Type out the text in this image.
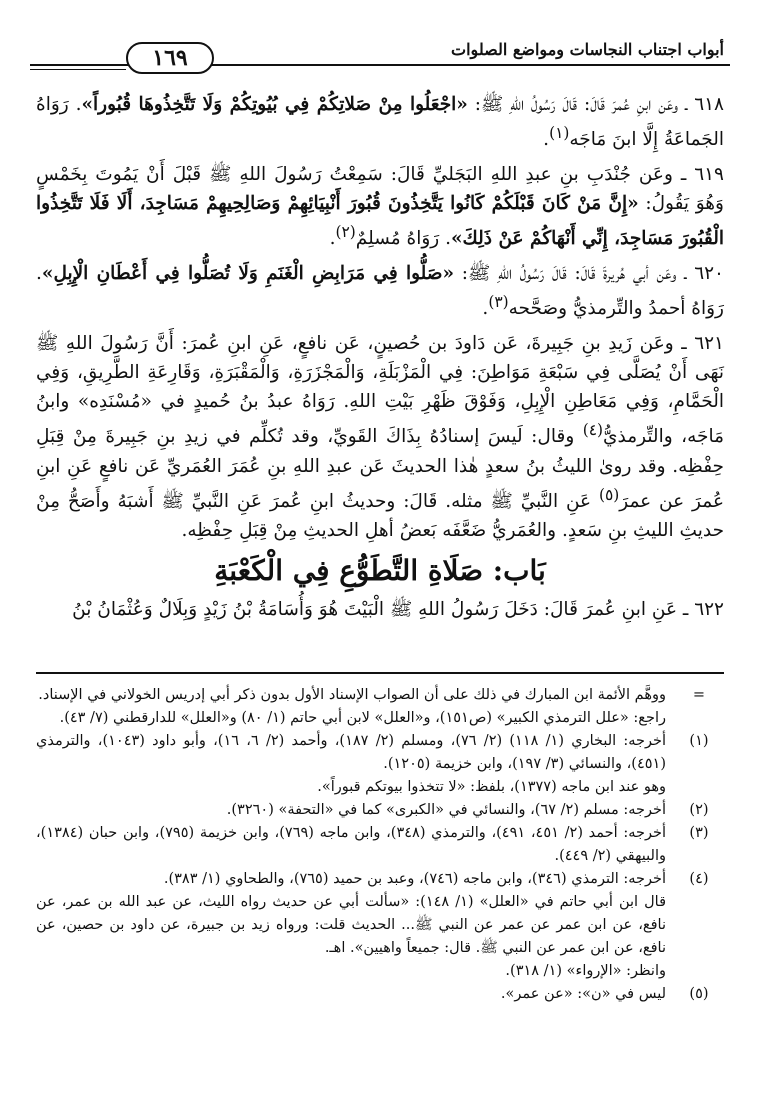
أبواب اجتناب النجاسات ومواضع الصلوات
١٦٩

٦١٨ ـ وعَن ابنِ عُمرَ قَالَ: قَالَ رَسُولُ اللهِ ﷺ: «اجْعَلُوا مِنْ صَلاتِكُمْ فِي بُيُوتِكُمْ وَلَا تَتَّخِذُوهَا قُبُوراً». رَوَاهُ الجَماعَةُ إِلَّا ابنَ مَاجَه$^{(١)}$.

٦١٩ ـ وعَن جُنْدَبِ بنِ عبدِ اللهِ البَجَليِّ قَالَ: سَمِعْتُ رَسُولَ اللهِ ﷺ قَبْلَ أَنْ يَمُوتَ بِخَمْسٍ وَهُوَ يَقُولُ: «إِنَّ مَنْ كَانَ قَبْلَكُمْ كَانُوا يَتَّخِذُونَ قُبُورَ أَنْبِيَائِهِمْ وَصَالِحِيهِمْ مَسَاجِدَ، أَلَا فَلَا تَتَّخِذُوا الْقُبُورَ مَسَاجِدَ، إِنِّي أَنْهَاكُمْ عَنْ ذَلِكَ». رَوَاهُ مُسلِمٌ$^{(٢)}$.

٦٢٠ ـ وعَن أبي هُريرةَ قَالَ: قَالَ رَسُولُ اللهِ ﷺ: «صَلُّوا فِي مَرَابِضِ الْغَنَمِ وَلَا تُصَلُّوا فِي أَعْطَانِ الْإِبِلِ». رَوَاهُ أحمدُ والتِّرمذيُّ وصَحَّحه$^{(٣)}$.

٦٢١ ـ وعَن زَيدِ بنِ جَبِيرةَ، عَن دَاودَ بن حُصينٍ، عَن نافعٍ، عَنِ ابنِ عُمرَ: أَنَّ رَسُولَ اللهِ ﷺ نَهَى أَنْ يُصَلَّى فِي سَبْعَةِ مَوَاطِنَ: فِي الْمَزْبَلَةِ، وَالْمَجْزَرَةِ، وَالْمَقْبَرَةِ، وَقَارِعَةِ الطَّرِيقِ، وَفِي الْحَمَّامِ، وَفِي مَعَاطِنِ الْإِبِلِ، وَفَوْقَ ظَهْرِ بَيْتِ اللهِ. رَوَاهُ عبدُ بنُ حُميدٍ في «مُسْنَدِه» وابنُ مَاجَه، والتِّرمذيُّ$^{(٤)}$ وقال: لَيسَ إسنادُهُ بِذَاكَ القَويِّ، وقد تُكلِّم في زيدِ بنِ جَبِيرةَ مِنْ قِبَلِ حِفْظِه. وقد روىٰ الليثُ بنُ سعدٍ هٰذا الحديثَ عَن عبدِ اللهِ بنِ عُمَرَ العُمَريِّ عَن نافعٍ عَنِ ابنِ عُمرَ عن عمرَ$^{(٥)}$ عَنِ النَّبيِّ ﷺ مثله. قَالَ: وحديثُ ابنِ عُمرَ عَنِ النَّبيِّ ﷺ أَشبَهُ وأَصَحُّ مِنْ حديثِ الليثِ بنِ سَعدٍ. والعُمَريُّ ضَعَّفَه بَعضُ أهلِ الحديثِ مِنْ قِبَلِ حِفْظِه.

بَاب: صَلَاةِ التَّطَوُّعِ فِي الْكَعْبَةِ

٦٢٢ ـ عَنِ ابنِ عُمرَ قَالَ: دَخَلَ رَسُولُ اللهِ ﷺ الْبَيْتَ هُوَ وَأُسَامَةُ بْنُ زَيْدٍ وَبِلَالٌ وَعُثْمَانُ بْنُ

=
ووهَّم الأئمة ابن المبارك في ذلك على أن الصواب الإسناد الأول بدون ذكر أبي إدريس الخولاني في الإسناد.
راجع: «علل الترمذي الكبير» (ص١٥١)، و«العلل» لابن أبي حاتم (١/ ٨٠) و«العلل» للدارقطني (٧/ ٤٣).
(١)
أخرجه: البخاري (١/ ١١٨) (٢/ ٧٦)، ومسلم (٢/ ١٨٧)، وأحمد (٢/ ٦، ١٦)، وأبو داود (١٠٤٣)، والترمذي (٤٥١)، والنسائي (٣/ ١٩٧)، وابن خزيمة (١٢٠٥).
وهو عند ابن ماجه (١٣٧٧)، بلفظ: «لا تتخذوا بيوتكم قبوراً».
(٢)
أخرجه: مسلم (٢/ ٦٧)، والنسائي في «الكبرى» كما في «التحفة» (٣٢٦٠).
(٣)
أخرجه: أحمد (٢/ ٤٥١، ٤٩١)، والترمذي (٣٤٨)، وابن ماجه (٧٦٩)، وابن خزيمة (٧٩٥)، وابن حبان (١٣٨٤)، والبيهقي (٢/ ٤٤٩).
(٤)
أخرجه: الترمذي (٣٤٦)، وابن ماجه (٧٤٦)، وعبد بن حميد (٧٦٥)، والطحاوي (١/ ٣٨٣).
قال ابن أبي حاتم في «العلل» (١/ ١٤٨): «سألت أبي عن حديث رواه الليث، عن عبد الله بن عمر، عن نافع، عن ابن عمر عن عمر عن النبي ﷺ... الحديث قلت: ورواه زيد بن جبيرة، عن داود بن حصين، عن نافع، عن ابن عمر عن النبي ﷺ. قال: جميعاً واهيين». اهـ.
وانظر: «الإرواء» (١/ ٣١٨).
(٥)
ليس في «ن»: «عن عمر».
